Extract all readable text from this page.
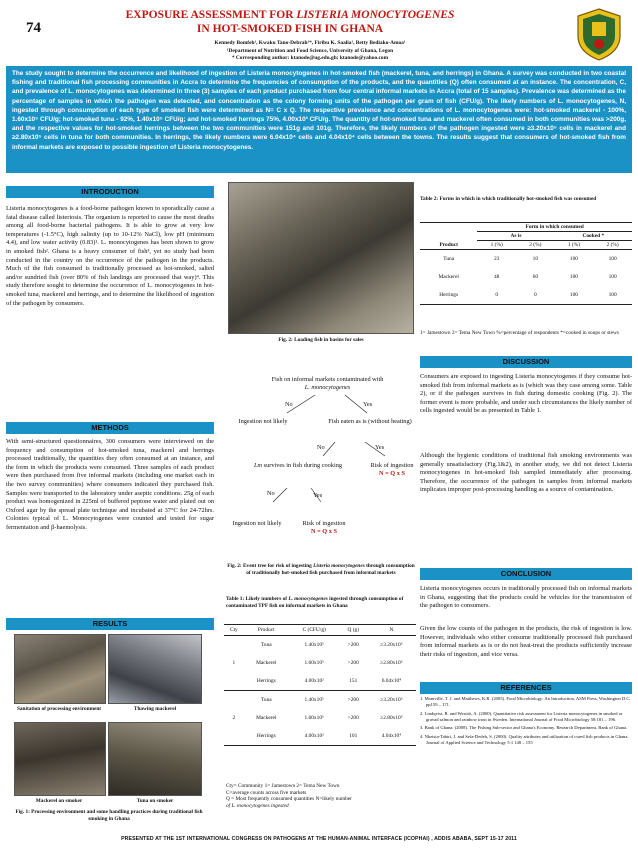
74
EXPOSURE ASSESSMENT FOR LISTERIA MONOCYTOGENES
IN HOT-SMOKED FISH IN GHANA
Kennedy Bomfeh¹, Kwaku Tano-Debrah¹*, Firibu K. Saalia¹, Betty Bediako-Amoa¹
¹Department of Nutrition and Food Science, University of Ghana, Legon
* Corresponding author: ktanode@ug.edu.gh; ktanode@yahoo.com
The study sought to determine the occurrence and likelihood of ingestion of Listeria monocytogenes in hot-smoked fish (mackerel, tuna, and herrings) in Ghana. A survey was conducted in two coastal fishing and traditional fish processing communities in Accra to determine the frequencies of consumption of the products, and the quantities (Q) often consumed at an instance. The concentration, C, and prevalence of L. monocytogenes was determined in three (3) samples of each product purchased from four central informal markets in Accra (total of 15 samples). Prevalence was determined as the percentage of samples in which the pathogen was detected, and concentration as the colony forming units of the pathogen per gram of fish (CFU/g). The likely numbers of L. monocytogenes, N, ingested through consumption of each type of smoked fish were determined as N= C x Q. The respective prevalence and concentrations of L. monocytogenes were: hot-smoked mackerel - 100%, 1.60x10⁵ CFU/g; hot-smoked tuna - 92%, 1.40x10⁵ CFU/g; and hot-smoked herrings 75%, 4.00x10³ CFU/g. The quantity of hot-smoked tuna and mackerel often consumed in both communities was >200g, and the respective values for hot-smoked herrings between the two communities were 151g and 101g. Therefore, the likely numbers of the pathogen ingested were ≥3.20x10⁵ cells in mackerel and ≥2.80x10⁵ cells in tuna for both communities. In herrings, the likely numbers were 6.04x10⁴ cells and 4.04x10⁴ cells between the towns. The results suggest that consumers of hot-smoked fish from informal markets are exposed to possible ingestion of Listeria monocytogenes.
INTRODUCTION
Listeria monocytogenes is a food-borne pathogen known to sporadically cause a fatal disease called listeriosis. The organism is reported to cause the most deaths among all food-borne bacterial pathogens. It is able to grow at very low temperatures (-1.5°C), high salinity (up to 10-12% NaCl), low pH (minimum 4.4), and low water activity (0.83)¹. L. monocytogenes has been shown to grow in smoked fish². Ghana is a heavy consumer of fish³, yet no study had been conducted in the country on the occurrence of the pathogen in the products. Much of the fish consumed is traditionally processed as hot-smoked, salted and/or sundried fish (over 80% of fish landings are processed that way)⁴. This study therefore sought to determine the occurrence of L. monocytogenes in hot-smoked tuna, mackerel and herrings, and to determine the likelihood of ingestion of the pathogen by consumers.
METHODS
With semi-structured questionnaires, 300 consumers were interviewed on the frequency and consumption of hot-smoked tuna, mackerel and herrings processed traditionally, the quantities they often consumed at an instance, and the form in which the products were consumed. Three samples of each product were then purchased from five informal markets (including one market each in the two survey communities) where consumers indicated they purchased fish. Samples were transported to the laboratory under aseptic conditions. 25g of each product was homogenized in 225ml of buffered peptone water and plated out on Oxford agar by the spread plate technique and incubated at 37°C for 24-72hrs. Colonies typical of L. Monocytogenes were counted and tested for sugar fermentation and β-haemolysis.
RESULTS
Sanitation of processing environment	Thawing mackerel
Mackerel on smoker	Tuna on smoker
Fig. 1: Processing environment and some handling practices during traditional fish smoking in Ghana
Fig. 2: Loading fish in basins for sales
Fish on informal markets contaminated with
L. monocytogenes
No	Yes
Ingestion not likely	Fish eaten as is (without heating)
No	Yes
Lm survives in fish during cooking	Risk of ingestion
N = Q x S
No	Yes
Ingestion not likely	Risk of ingestion
N = Q x S
Fig. 2: Event tree for risk of ingesting Listeria monocytogenes through consumption of traditionally hot-smoked fish purchased from informal markets
Table 1: Likely numbers of L. monocytogenes ingested through consumption of contaminated TPF fish on informal markets in Ghana
Cty	Product	C (CFU/g)	Q (g)	N
	Tuna	1.40x10⁵	>200	≥3.20x10⁵
1	Mackerel	1.60x10⁵	>200	≥2.80x10⁵
	Herrings	4.00x10²	151	6.04x10⁴
	Tuna	1.40x10⁵	>200	≥3.20x10⁵
2	Mackerel	1.60x10⁵	>200	≥2.80x10⁵
	Herrings	4.00x10²	101	4.04x10⁴
Cty= Community 1= Jamestown 2= Tema New Town
C=average counts across five markets
Q = Most frequently consumed quantities N=likely number
of L. monocytogenes ingested
Table 2: Forms in which in which traditionally hot-smoked fish was consumed
	Form in which consumed			
	As is		Cooked *	
Product	1 (%)	2 (%)	1 (%)	2 (%)
Tuna	23	10	100	100
Mackerel	48	60	100	100
Herrings	0	0	100	100
1= Jamestown 2= Tema New Town %=percentage of respondents *=cooked in soups or stews
DISCUSSION
Consumers are exposed to ingesting Listeria monocytogenes if they consume hot-smoked fish from informal markets as is (which was they case among some. Table 2), or if the pathogen survives in fish during domestic cooking (Fig. 2). The former event is more probable, and under such circumstances the likely number of cells ingested would be as presented in Table 1.
Although the hygienic conditions of traditional fish smoking environments was generally unsatisfactory (Fig.1&2), in another study, we did not detect Listeria monocytogenes in hot-smoked fish sampled immediately after processing. Therefore, the occurrence of the pathogen in samples from informal markets implicates improper post-processing handling as a source of contamination.
CONCLUSION
Listeria monocytogenes occurs in traditionally processed fish on informal markets in Ghana, suggesting that the products could be vehicles for the transmission of the pathogen to consumers.
Given the low counts of the pathogen in the products, the risk of ingestion is low. However, individuals who either consume traditionally processed fish purchased from informal markets as is or do not heat-treat the products sufficiently increase their risks of ingestion, and vice versa.
REFERENCES
1. Montville, T. J. and Matthews, K.R. (2005). Food Microbiology: An Introduction, ASM Press, Washington D.C. pp159 – 171.
2. Lindqvist, R. and Westöö, A. (2000). Quantitative risk assessment for Listeria monocytogenes in smoked or gravad salmon and rainbow trout in Sweden. International Journal of Food Microbiology 58:181 – 196.
3. Bank of Ghana. (2008). The Fishing Sub-sector and Ghana's Economy. Research Department, Bank of Ghana.
4. Nketsia-Tabiri, J. and Sefa-Dedeh, S. (2000). Quality attributes and utilization of cured fish products in Ghana. Journal of Applied Science and Technology 5:1 148 – 155
PRESENTED AT THE 1ST INTERNATIONAL CONGRESS ON PATHOGENS AT THE HUMAN-ANIMAL INTERFACE (ICOPHAI) , ADDIS ABABA, SEPT 15-17 2011
